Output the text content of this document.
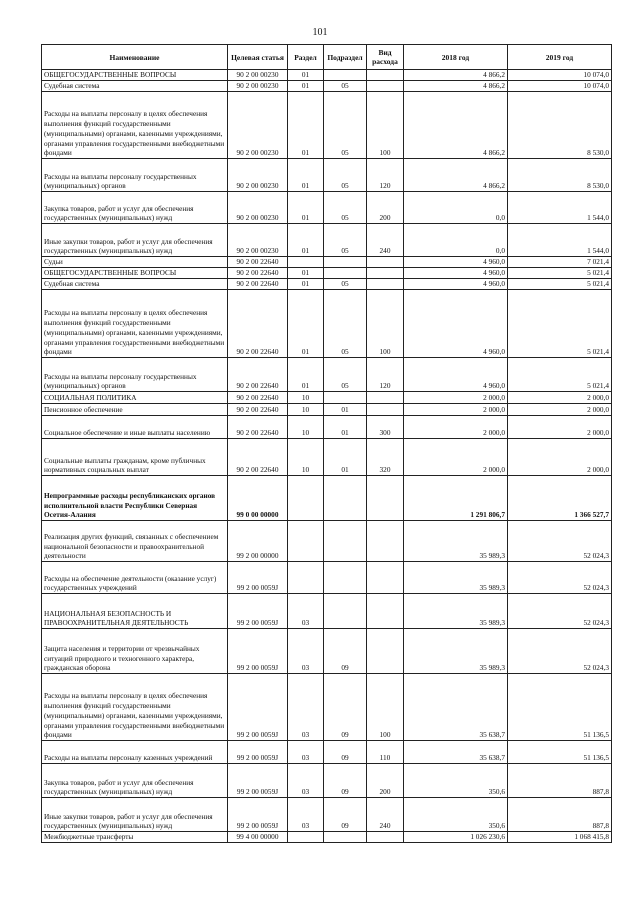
101
Наименование	Целевая статья	Раздел	Подраздел	Вид расхода	2018 год	2019 год
ОБЩЕГОСУДАРСТВЕННЫЕ ВОПРОСЫ	90 2 00 00230	01			4 866,2	10 074,0
Судебная система	90 2 00 00230	01	05		4 866,2	10 074,0
Расходы на выплаты персоналу в целях обеспечения выполнения функций государственными (муниципальными) органами, казенными учреждениями, органами управления государственными внебюджетными фондами	90 2 00 00230	01	05	100	4 866,2	8 530,0
Расходы на выплаты персоналу государственных (муниципальных) органов	90 2 00 00230	01	05	120	4 866,2	8 530,0
Закупка товаров, работ и услуг для обеспечения государственных (муниципальных) нужд	90 2 00 00230	01	05	200	0,0	1 544,0
Иные закупки товаров, работ и услуг для обеспечения государственных (муниципальных) нужд	90 2 00 00230	01	05	240	0,0	1 544,0
Судьи	90 2 00 22640				4 960,0	7 021,4
ОБЩЕГОСУДАРСТВЕННЫЕ ВОПРОСЫ	90 2 00 22640	01			4 960,0	5 021,4
Судебная система	90 2 00 22640	01	05		4 960,0	5 021,4
Расходы на выплаты персоналу в целях обеспечения выполнения функций государственными (муниципальными) органами, казенными учреждениями, органами управления государственными внебюджетными фондами	90 2 00 22640	01	05	100	4 960,0	5 021,4
Расходы на выплаты персоналу государственных (муниципальных) органов	90 2 00 22640	01	05	120	4 960,0	5 021,4
СОЦИАЛЬНАЯ ПОЛИТИКА	90 2 00 22640	10			2 000,0	2 000,0
Пенсионное обеспечение	90 2 00 22640	10	01		2 000,0	2 000,0
Социальное обеспечение и иные выплаты населению	90 2 00 22640	10	01	300	2 000,0	2 000,0
Социальные выплаты гражданам, кроме публичных нормативных социальных выплат	90 2 00 22640	10	01	320	2 000,0	2 000,0
Непрограммные расходы республиканских органов исполнительной власти Республики Северная Осетия-Алания	99 0 00 00000				1 291 806,7	1 366 527,7
Реализация других функций, связанных с обеспечением национальной безопасности и правоохранительной деятельности	99 2 00 00000				35 989,3	52 024,3
Расходы на обеспечение деятельности (оказание услуг) государственных учреждений	99 2 00 0059J				35 989,3	52 024,3
НАЦИОНАЛЬНАЯ БЕЗОПАСНОСТЬ И ПРАВООХРАНИТЕЛЬНАЯ ДЕЯТЕЛЬНОСТЬ	99 2 00 0059J	03			35 989,3	52 024,3
Защита населения и территории от чрезвычайных ситуаций природного и техногенного характера, гражданская оборона	99 2 00 0059J	03	09		35 989,3	52 024,3
Расходы на выплаты персоналу в целях обеспечения выполнения функций государственными (муниципальными) органами, казенными учреждениями, органами управления государственными внебюджетными фондами	99 2 00 0059J	03	09	100	35 638,7	51 136,5
Расходы на выплаты персоналу казенных учреждений	99 2 00 0059J	03	09	110	35 638,7	51 136,5
Закупка товаров, работ и услуг для обеспечения государственных (муниципальных) нужд	99 2 00 0059J	03	09	200	350,6	887,8
Иные закупки товаров, работ и услуг для обеспечения государственных (муниципальных) нужд	99 2 00 0059J	03	09	240	350,6	887,8
Межбюджетные трансферты	99 4 00 00000				1 026 230,6	1 068 415,8
